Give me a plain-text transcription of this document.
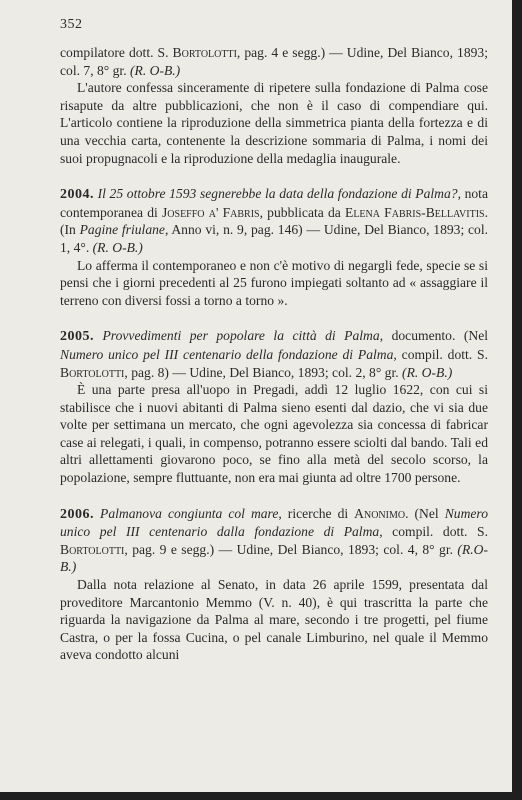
352

compilatore dott. S. Bortolotti, pag. 4 e segg.) — Udine, Del Bianco, 1893; col. 7, 8° gr. (R. O-B.)

L'autore confessa sinceramente di ripetere sulla fondazione di Palma cose risapute da altre pubblicazioni, che non è il caso di compendiare qui. L'articolo contiene la riproduzione della simmetrica pianta della fortezza e di una vecchia carta, contenente la descrizione sommaria di Palma, i nomi dei suoi propugnacoli e la riproduzione della medaglia inaugurale.

2004. Il 25 ottobre 1593 segnerebbe la data della fondazione di Palma?, nota contemporanea di Joseffo a' Fabris, pubblicata da Elena Fabris-Bellavitis. (In Pagine friulane, Anno vi, n. 9, pag. 146) — Udine, Del Bianco, 1893; col. 1, 4°. (R. O-B.)

Lo afferma il contemporaneo e non c'è motivo di negargli fede, specie se si pensi che i giorni precedenti al 25 furono impiegati soltanto ad « assaggiare il terreno con diversi fossi a torno a torno ».

2005. Provvedimenti per popolare la città di Palma, documento. (Nel Numero unico pel III centenario della fondazione di Palma, compil. dott. S. Bortolotti, pag. 8) — Udine, Del Bianco, 1893; col. 2, 8° gr. (R. O-B.)

È una parte presa all'uopo in Pregadi, addì 12 luglio 1622, con cui si stabilisce che i nuovi abitanti di Palma sieno esenti dal dazio, che vi sia due volte per settimana un mercato, che ogni agevolezza sia concessa di fabricar case ai relegati, i quali, in compenso, potranno essere sciolti dal bando. Tali ed altri allettamenti giovarono poco, se fino alla metà del secolo scorso, la popolazione, sempre fluttuante, non era mai giunta ad oltre 1700 persone.

2006. Palmanova congiunta col mare, ricerche di Anonimo. (Nel Numero unico pel III centenario dalla fondazione di Palma, compil. dott. S. Bortolotti, pag. 9 e segg.) — Udine, Del Bianco, 1893; col. 4, 8° gr. (R.O-B.)

Dalla nota relazione al Senato, in data 26 aprile 1599, presentata dal proveditore Marcantonio Memmo (V. n. 40), è qui trascritta la parte che riguarda la navigazione da Palma al mare, secondo i tre progetti, pel fiume Castra, o per la fossa Cucina, o pel canale Limburino, nel quale il Memmo aveva condotto alcuni
